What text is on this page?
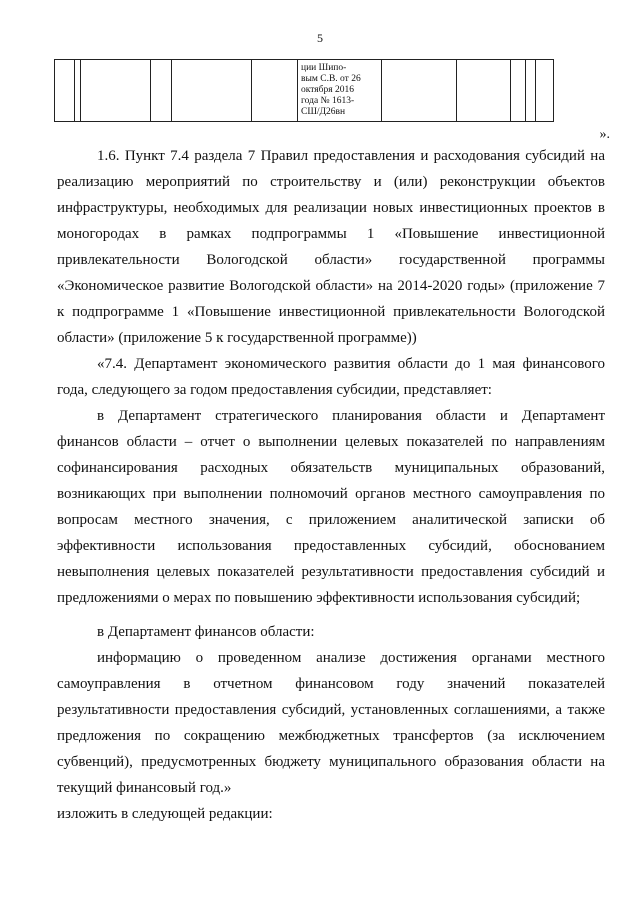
5
ции Шипо-
вым С.В. от 26
октября 2016
года № 1613-
СШ/Д26вн
».
1.6. Пункт 7.4 раздела 7 Правил предоставления и расходования субсидий на реализацию мероприятий по строительству и (или) реконструкции объектов инфраструктуры, необходимых для реализации новых инвестиционных проектов в моногородах в рамках подпрограммы 1 «Повышение инвестиционной привлекательности Вологодской области» государственной программы «Экономическое развитие Вологодской области» на 2014-2020 годы» (приложение 7 к подпрограмме 1 «Повышение инвестиционной привлекательности Вологодской области» (приложение 5 к государственной программе))
«7.4. Департамент экономического развития области до 1 мая финансового года, следующего за годом предоставления субсидии, представляет:
в Департамент стратегического планирования области и Департамент финансов области – отчет о выполнении целевых показателей по направлениям софинансирования расходных обязательств муниципальных образований, возникающих при выполнении полномочий органов местного самоуправления по вопросам местного значения, с приложением аналитической записки об эффективности использования предоставленных субсидий, обоснованием невыполнения целевых показателей результативности предоставления субсидий и предложениями о мерах по повышению эффективности использования субсидий;
в Департамент финансов области:
информацию о проведенном анализе достижения органами местного самоуправления в отчетном финансовом году значений показателей результативности предоставления субсидий, установленных соглашениями, а также предложения по сокращению межбюджетных трансфертов (за исключением субвенций), предусмотренных бюджету муниципального образования области на текущий финансовый год.»
изложить в следующей редакции:
